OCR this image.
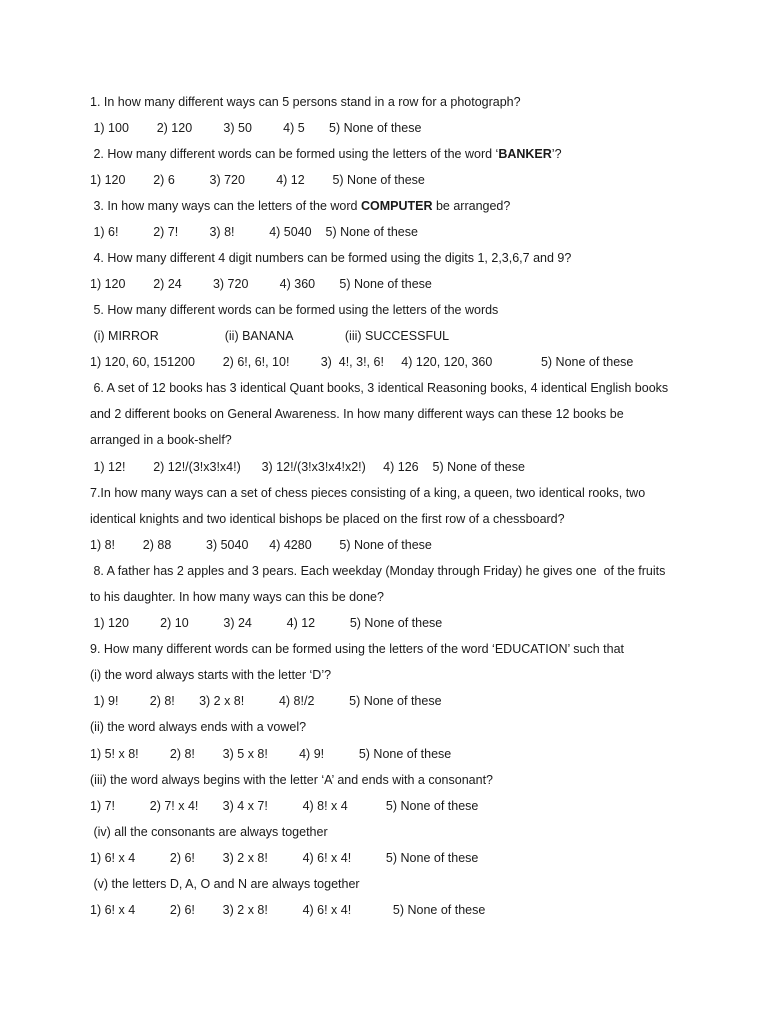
1. In how many different ways can 5 persons stand in a row for a photograph?
1) 100        2) 120         3) 50         4) 5       5) None of these
2. How many different words can be formed using the letters of the word ‘BANKER’?
1) 120        2) 6          3) 720         4) 12        5) None of these
3. In how many ways can the letters of the word COMPUTER be arranged?
1) 6!          2) 7!         3) 8!          4) 5040    5) None of these
4. How many different 4 digit numbers can be formed using the digits 1, 2,3,6,7 and 9?
1) 120        2) 24         3) 720         4) 360       5) None of these
5. How many different words can be formed using the letters of the words
(i) MIRROR                   (ii) BANANA               (iii) SUCCESSFUL
1) 120, 60, 151200        2) 6!, 6!, 10!         3)  4!, 3!, 6!     4) 120, 120, 360              5) None of these
6. A set of 12 books has 3 identical Quant books, 3 identical Reasoning books, 4 identical English books
and 2 different books on General Awareness. In how many different ways can these 12 books be
arranged in a book-shelf?
1) 12!        2) 12!/(3!x3!x4!)      3) 12!/(3!x3!x4!x2!)     4) 126    5) None of these
7.In how many ways can a set of chess pieces consisting of a king, a queen, two identical rooks, two
identical knights and two identical bishops be placed on the first row of a chessboard?
1) 8!        2) 88          3) 5040      4) 4280        5) None of these
8. A father has 2 apples and 3 pears. Each weekday (Monday through Friday) he gives one  of the fruits
to his daughter. In how many ways can this be done?
1) 120         2) 10          3) 24          4) 12          5) None of these
9. How many different words can be formed using the letters of the word ‘EDUCATION’ such that
(i) the word always starts with the letter ‘D’?
1) 9!         2) 8!       3) 2 x 8!          4) 8!/2          5) None of these
(ii) the word always ends with a vowel?
1) 5! x 8!         2) 8!        3) 5 x 8!         4) 9!          5) None of these
(iii) the word always begins with the letter ‘A’ and ends with a consonant?
1) 7!          2) 7! x 4!       3) 4 x 7!          4) 8! x 4           5) None of these
(iv) all the consonants are always together
1) 6! x 4          2) 6!        3) 2 x 8!          4) 6! x 4!          5) None of these
(v) the letters D, A, O and N are always together
1) 6! x 4          2) 6!        3) 2 x 8!          4) 6! x 4!            5) None of these
